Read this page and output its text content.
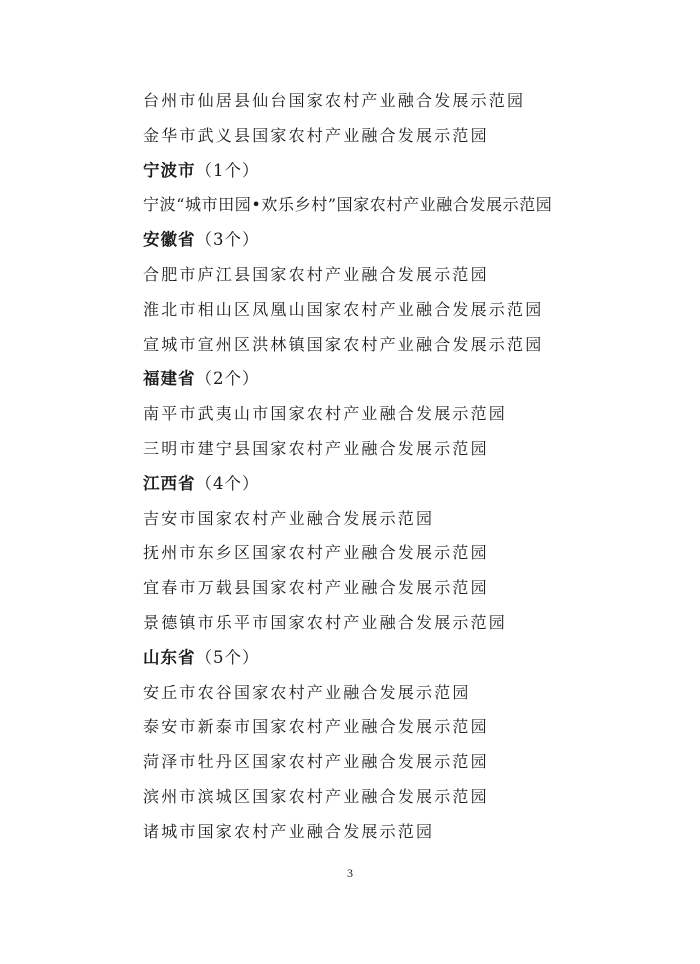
台州市仙居县仙台国家农村产业融合发展示范园
金华市武义县国家农村产业融合发展示范园
宁波市（1个）
宁波“城市田园•欢乐乡村”国家农村产业融合发展示范园
安徽省（3个）
合肥市庐江县国家农村产业融合发展示范园
淮北市相山区凤凰山国家农村产业融合发展示范园
宣城市宣州区洪林镇国家农村产业融合发展示范园
福建省（2个）
南平市武夷山市国家农村产业融合发展示范园
三明市建宁县国家农村产业融合发展示范园
江西省（4个）
吉安市国家农村产业融合发展示范园
抚州市东乡区国家农村产业融合发展示范园
宜春市万载县国家农村产业融合发展示范园
景德镇市乐平市国家农村产业融合发展示范园
山东省（5个）
安丘市农谷国家农村产业融合发展示范园
泰安市新泰市国家农村产业融合发展示范园
菏泽市牡丹区国家农村产业融合发展示范园
滨州市滨城区国家农村产业融合发展示范园
诸城市国家农村产业融合发展示范园
3
